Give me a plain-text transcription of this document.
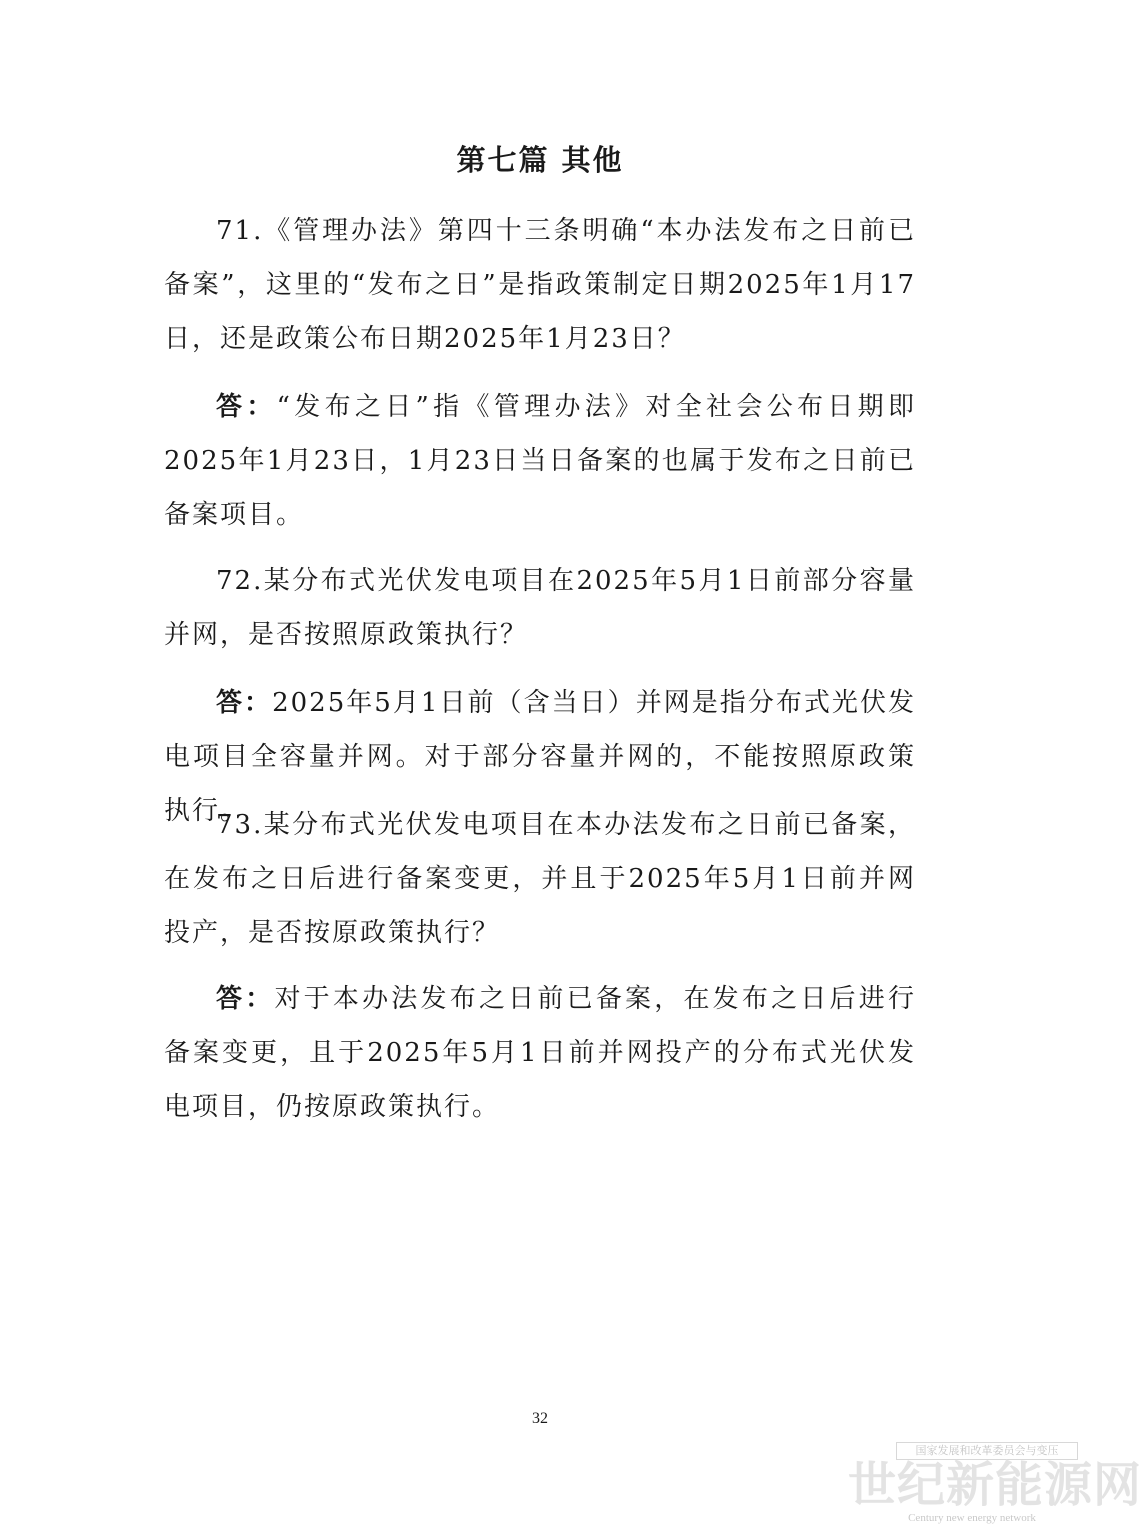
第七篇 其他
71.《管理办法》第四十三条明确“本办法发布之日前已备案”，这里的“发布之日”是指政策制定日期2025年1月17日，还是政策公布日期2025年1月23日？
答：“发布之日”指《管理办法》对全社会公布日期即2025年1月23日，1月23日当日备案的也属于发布之日前已备案项目。
72.某分布式光伏发电项目在2025年5月1日前部分容量并网，是否按照原政策执行？
答：2025年5月1日前（含当日）并网是指分布式光伏发电项目全容量并网。对于部分容量并网的，不能按照原政策执行。
73.某分布式光伏发电项目在本办法发布之日前已备案，在发布之日后进行备案变更，并且于2025年5月1日前并网投产，是否按原政策执行？
答：对于本办法发布之日前已备案，在发布之日后进行备案变更，且于2025年5月1日前并网投产的分布式光伏发电项目，仍按原政策执行。
32
国家发展和改革委员会与变压
世纪新能源网
Century new energy network
